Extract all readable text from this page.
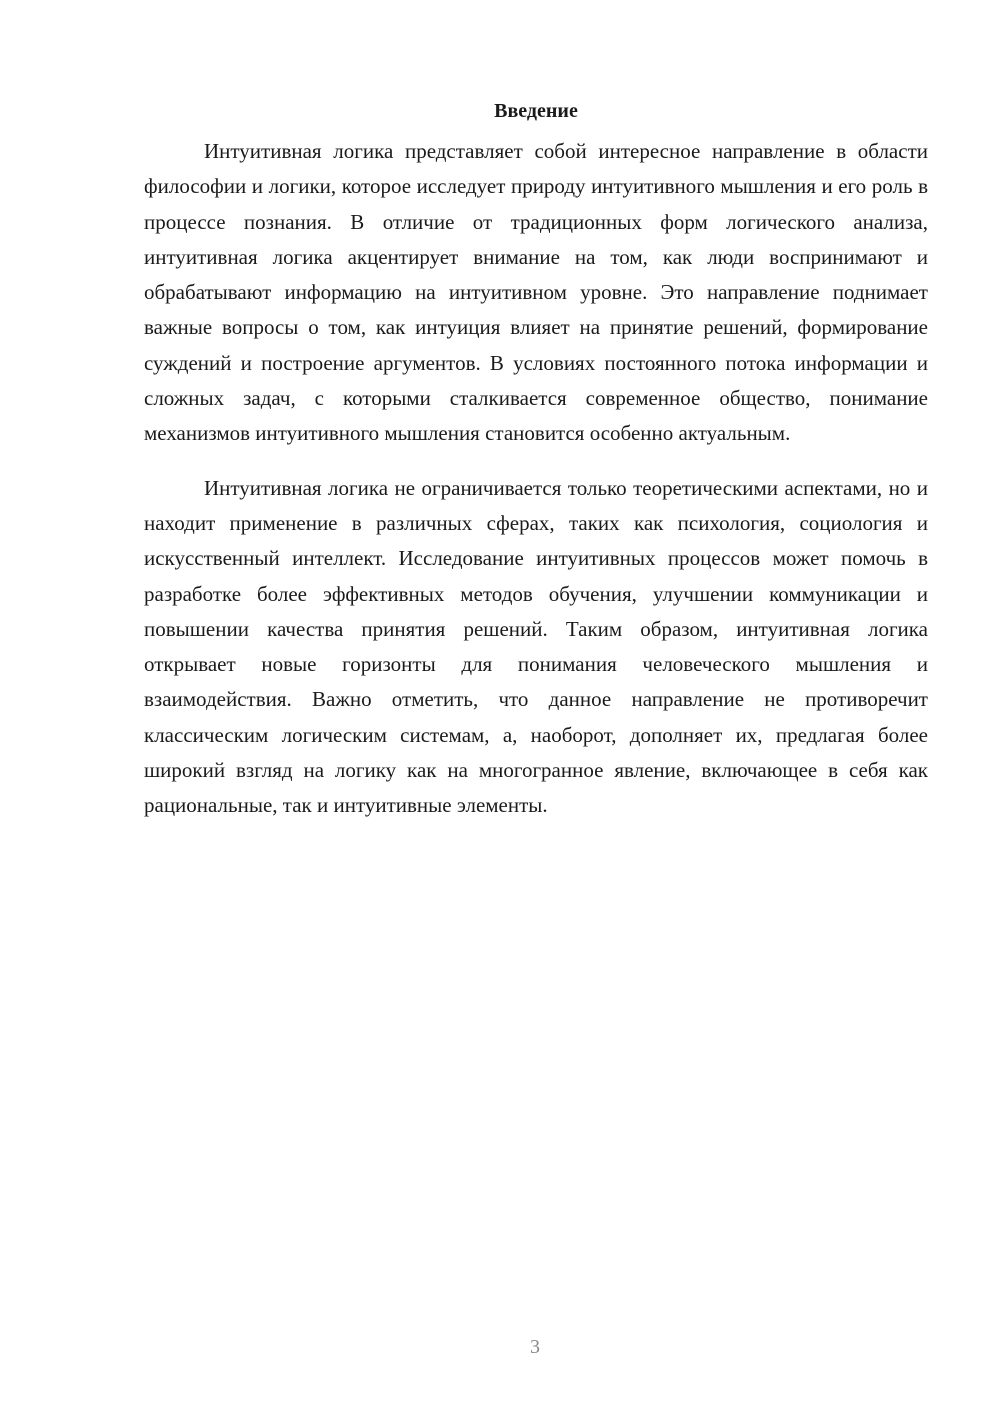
Введение

Интуитивная логика представляет собой интересное направление в области философии и логики, которое исследует природу интуитивного мышления и его роль в процессе познания. В отличие от традиционных форм логического анализа, интуитивная логика акцентирует внимание на том, как люди воспринимают и обрабатывают информацию на интуитивном уровне. Это направление поднимает важные вопросы о том, как интуиция влияет на принятие решений, формирование суждений и построение аргументов. В условиях постоянного потока информации и сложных задач, с которыми сталкивается современное общество, понимание механизмов интуитивного мышления становится особенно актуальным.

Интуитивная логика не ограничивается только теоретическими аспектами, но и находит применение в различных сферах, таких как психология, социология и искусственный интеллект. Исследование интуитивных процессов может помочь в разработке более эффективных методов обучения, улучшении коммуникации и повышении качества принятия решений. Таким образом, интуитивная логика открывает новые горизонты для понимания человеческого мышления и взаимодействия. Важно отметить, что данное направление не противоречит классическим логическим системам, а, наоборот, дополняет их, предлагая более широкий взгляд на логику как на многогранное явление, включающее в себя как рациональные, так и интуитивные элементы.

3
